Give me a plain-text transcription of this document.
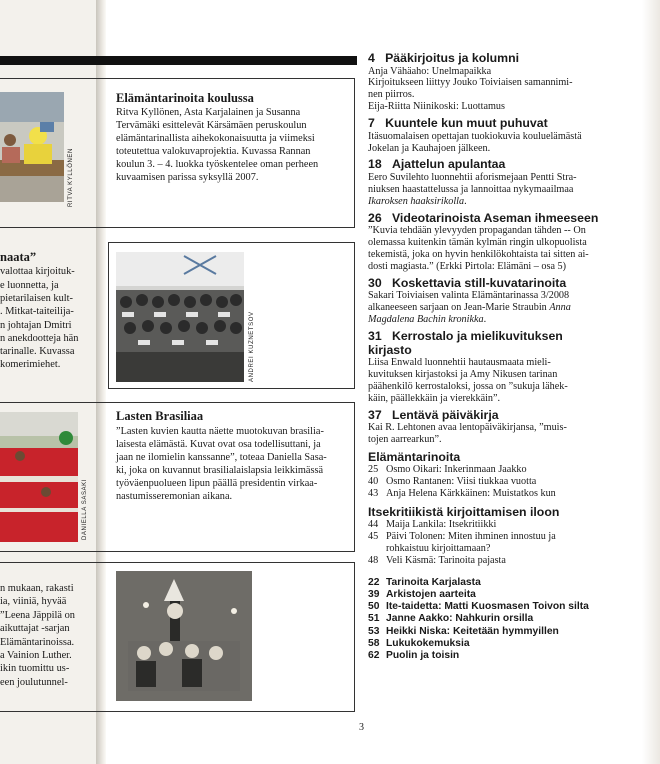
naata”
valottaa kirjoituk-
e luonnetta, ja
pietarilaisen kult-
. Mitkat-taiteilija-
n johtajan Dmitri
n anekdootteja hän
tarinalle. Kuvassa
komerimiehet.
n mukaan, rakasti
ia, viiniä, hyvää
”Leena Jäppilä on
aikuttajat -sarjan
Elämäntarinoissa.
a Vainion Luther.
ikin tuomittu us-
een joulutunnel-
RITVA KYLLÖNEN
Elämäntarinoita koulussa
Ritva Kyllönen, Asta Karjalainen ja Susanna
Tervämäki esittelevät Kärsämäen peruskoulun
elämäntarinallista aihekokonaisuutta ja viimeksi
toteutettua valokuvaprojektia. Kuvassa Rannan
koulun 3. – 4. luokka työskentelee oman perheen
kuvaamisen parissa syksyllä 2007.
ANDREI KUZNETSOV
DANIELLA SASAKI
Lasten Brasiliaa
”Lasten kuvien kautta näette muotokuvan brasilia-
laisesta elämästä. Kuvat ovat osa todellisuttani, ja
jaan ne ilomielin kanssanne”, toteaa Daniella Sasa-
ki, joka on kuvannut brasilialaislapsia leikkimässä
työväenpuolueen lipun päällä presidentin virkaa-
nastumisseremonian aikana.
4 Pääkirjoitus ja kolumni
Anja Vähäaho: Unelmapaikka
Kirjoitukseen liittyy Jouko Toiviaisen samannimi-
nen piirros.
Eija-Riitta Niinikoski: Luottamus
7 Kuuntele kun muut puhuvat
Itäsuomalaisen opettajan tuokiokuvia kouluelämästä
Jokelan ja Kauhajoen jälkeen.
18 Ajattelun apulantaa
Eero Suvilehto luonnehtii aforismejaan Pentti Stra-
niuksen haastattelussa ja lannoittaa nykymaailmaa
Ikaroksen haaksirikolla.
26 Videotarinoista Aseman ihmeeseen
”Kuvia tehdään ylevyyden propagandan tähden -- On
olemassa kuitenkin tämän kylmän ringin ulkopuolista
tekemistä, joka on hyvin henkilökohtaista tai sitten ai-
dosti magiasta.” (Erkki Pirtola: Elämäni – osa 5)
30 Koskettavia still-kuvatarinoita
Sakari Toiviaisen valinta Elämäntarinassa 3/2008
alkaneeseen sarjaan on Jean-Marie Straubin Anna
Magdalena Bachin kronikka.
31 Kerrostalo ja mielikuvituksen
kirjasto
Liisa Enwald luonnehtii hautausmaata mieli-
kuvituksen kirjastoksi ja Amy Nikusen tarinan
päähenkilö kerrostaloksi, jossa on ”sukuja lähek-
käin, päällekkäin ja vierekkäin”.
37 Lentävä päiväkirja
Kai R. Lehtonen avaa lentopäiväkirjansa, ”muis-
tojen aarrearkun”.
Elämäntarinoita
25 Osmo Oikari: Inkerinmaan Jaakko
40 Osmo Rantanen: Viisi tiukkaa vuotta
43 Anja Helena Kärkkäinen: Muistatkos kun
Itsekritiikistä kirjoittamisen iloon
44 Maija Lankila: Itsekritiikki
45 Päivi Tolonen: Miten ihminen innostuu ja
rohkaistuu kirjoittamaan?
48 Veli Käsmä: Tarinoita pajasta
22 Tarinoita Karjalasta
39 Arkistojen aarteita
50 Ite-taidetta: Matti Kuosmasen Toivon silta
51 Janne Aakko: Nahkurin orsilla
53 Heikki Niska: Keitetään hymmyillen
58 Lukukokemuksia
62 Puolin ja toisin
3
